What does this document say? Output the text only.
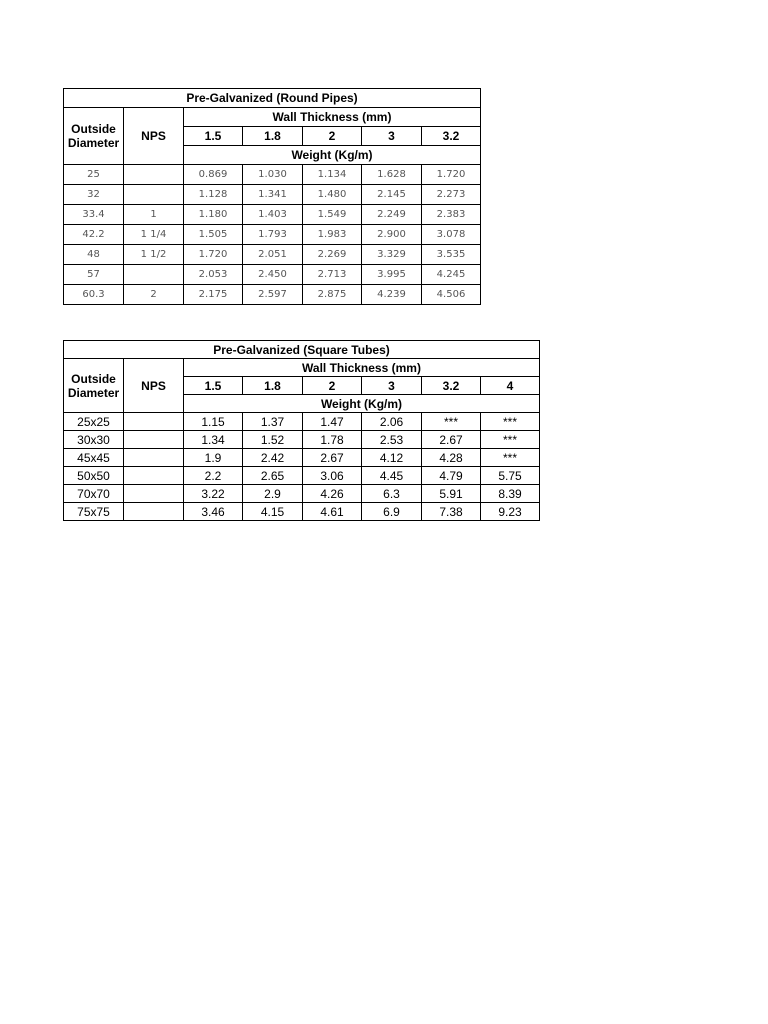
Pre-Galvanized (Round Pipes)						
Outside Diameter	NPS	Wall Thickness (mm)				
		1.5	1.8	2	3	3.2
		Weight (Kg/m)				
25		0.869	1.030	1.134	1.628	1.720
32		1.128	1.341	1.480	2.145	2.273
33.4	1	1.180	1.403	1.549	2.249	2.383
42.2	1 1/4	1.505	1.793	1.983	2.900	3.078
48	1 1/2	1.720	2.051	2.269	3.329	3.535
57		2.053	2.450	2.713	3.995	4.245
60.3	2	2.175	2.597	2.875	4.239	4.506
Pre-Galvanized (Square Tubes)							
Outside Diameter	NPS	Wall Thickness (mm)					
		1.5	1.8	2	3	3.2	4
		Weight (Kg/m)					
25x25		1.15	1.37	1.47	2.06	***	***
30x30		1.34	1.52	1.78	2.53	2.67	***
45x45		1.9	2.42	2.67	4.12	4.28	***
50x50		2.2	2.65	3.06	4.45	4.79	5.75
70x70		3.22	2.9	4.26	6.3	5.91	8.39
75x75		3.46	4.15	4.61	6.9	7.38	9.23
